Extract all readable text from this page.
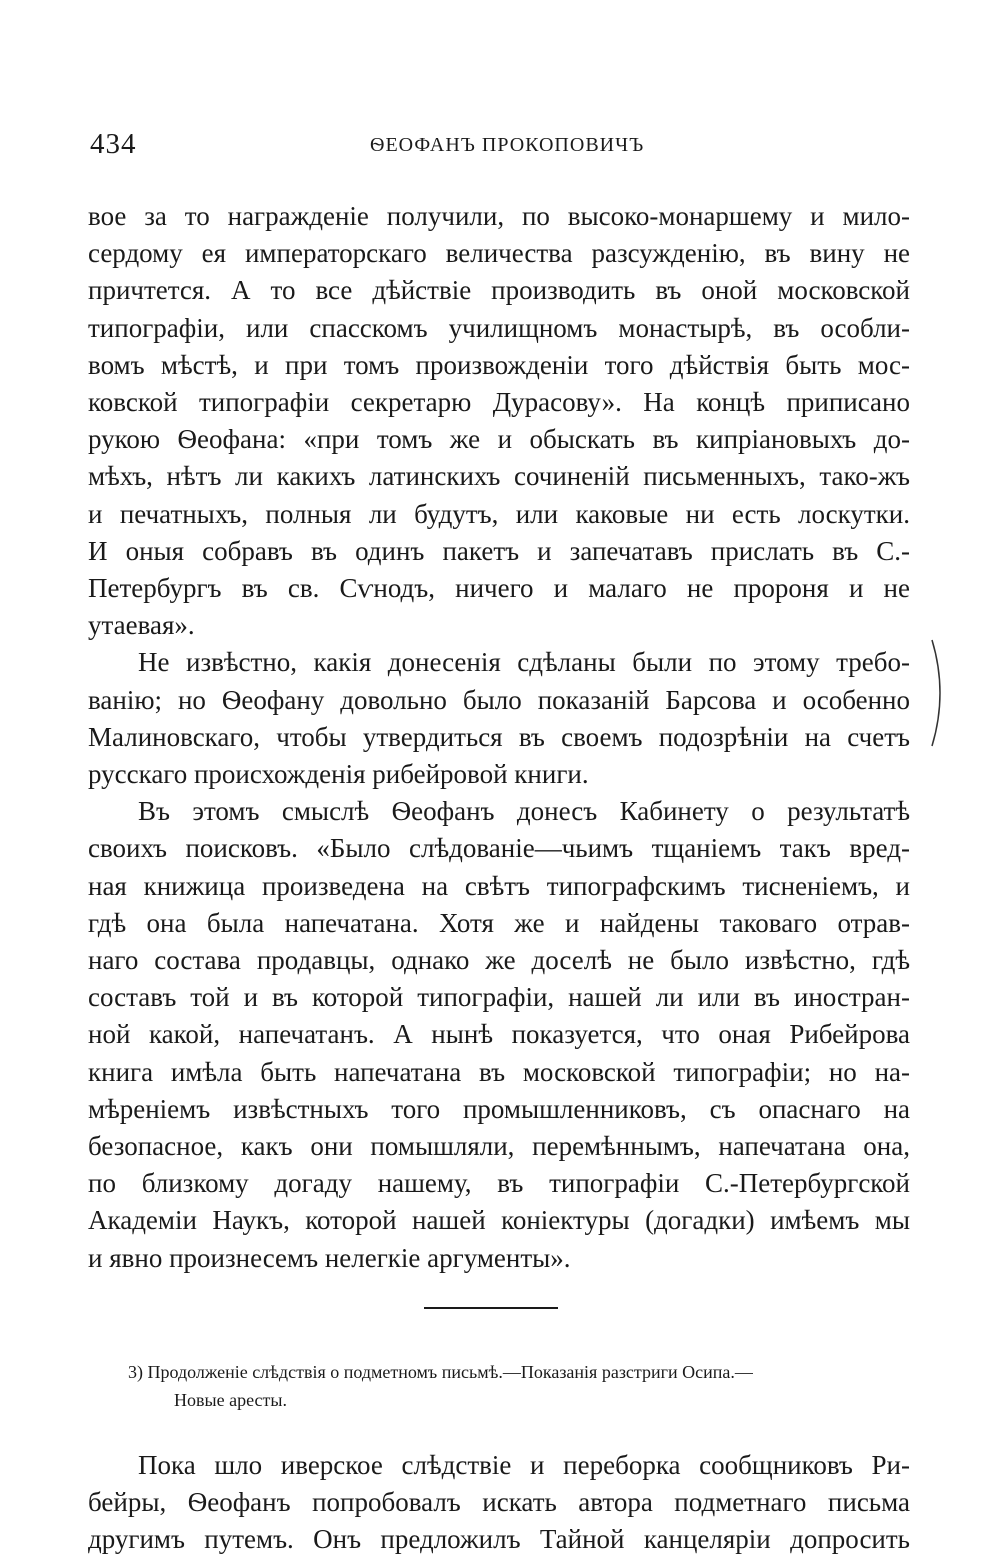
434	ѲЕОФАНЪ ПРОКОПОВИЧЪ
вое за то награжденіе получили, по высоко-монаршему и мило-
сердому ея императорскаго величества разсужденію, въ вину не
причтется. А то все дѣйствіе производить въ оной московской
типографіи, или спасскомъ училищномъ монастырѣ, въ особли-
вомъ мѣстѣ, и при томъ произвожденіи того дѣйствія быть мос-
ковской типографіи секретарю Дурасову». На концѣ приписано
рукою Ѳеофана: «при томъ же и обыскать въ кипріановыхъ до-
мѣхъ, нѣтъ ли какихъ латинскихъ сочиненій письменныхъ, тако-жъ
и печатныхъ, полныя ли будутъ, или каковые ни есть лоскутки.
И оныя собравъ въ одинъ пакетъ и запечатавъ прислать въ С.-
Петербургъ въ св. Сѵнодъ, ничего и малаго не пророня и не
утаевая».
Не извѣстно, какія донесенія сдѣланы были по этому требо-
ванію; но Ѳеофану довольно было показаній Барсова и особенно
Малиновскаго, чтобы утвердиться въ своемъ подозрѣніи на счетъ
русскаго происхожденія рибейровой книги.
Въ этомъ смыслѣ Ѳеофанъ донесъ Кабинету о результатѣ
своихъ поисковъ. «Было слѣдованіе—чьимъ тщаніемъ такъ вред-
ная книжица произведена на свѣтъ типографскимъ тисненіемъ, и
гдѣ она была напечатана. Хотя же и найдены таковаго отрав-
наго состава продавцы, однако же доселѣ не было извѣстно, гдѣ
составъ той и въ которой типографіи, нашей ли или въ иностран-
ной какой, напечатанъ. А нынѣ показуется, что оная Рибейрова
книга имѣла быть напечатана въ московской типографіи; но на-
мѣреніемъ извѣстныхъ того промышленниковъ, съ опаснаго на
безопасное, какъ они помышляли, перемѣннымъ, напечатана она,
по близкому догаду нашему, въ типографіи С.-Петербургской
Академіи Наукъ, которой нашей конiектуры (догадки) имѣемъ мы
и явно произнесемъ нелегкіе аргументы».
3) Продолженіе слѣдствія о подметномъ письмѣ.—Показанія разстриги Осипа.—
Новые аресты.
Пока шло иверское слѣдствіе и переборка сообщниковъ Ри-
бейры, Ѳеофанъ попробовалъ искать автора подметнаго письма
другимъ путемъ. Онъ предложилъ Тайной канцеляріи допросить
